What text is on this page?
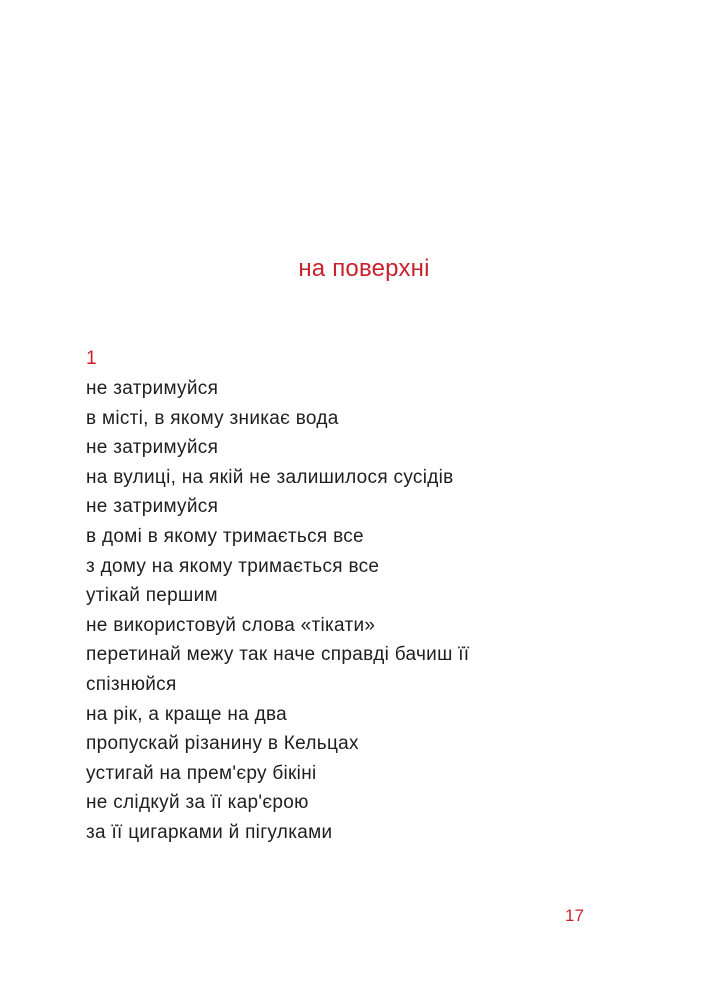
на поверхні
1
не затримуйся
в місті, в якому зникає вода
не затримуйся
на вулиці, на якій не залишилося сусідів
не затримуйся
в домі в якому тримається все
з дому на якому тримається все
утікай першим
не використовуй слова «тікати»
перетинай межу так наче справді бачиш її
спізнюйся
на рік, а краще на два
пропускай різанину в Кельцах
устигай на прем'єру бікіні
не слідкуй за її кар'єрою
за її цигарками й пігулками
17
